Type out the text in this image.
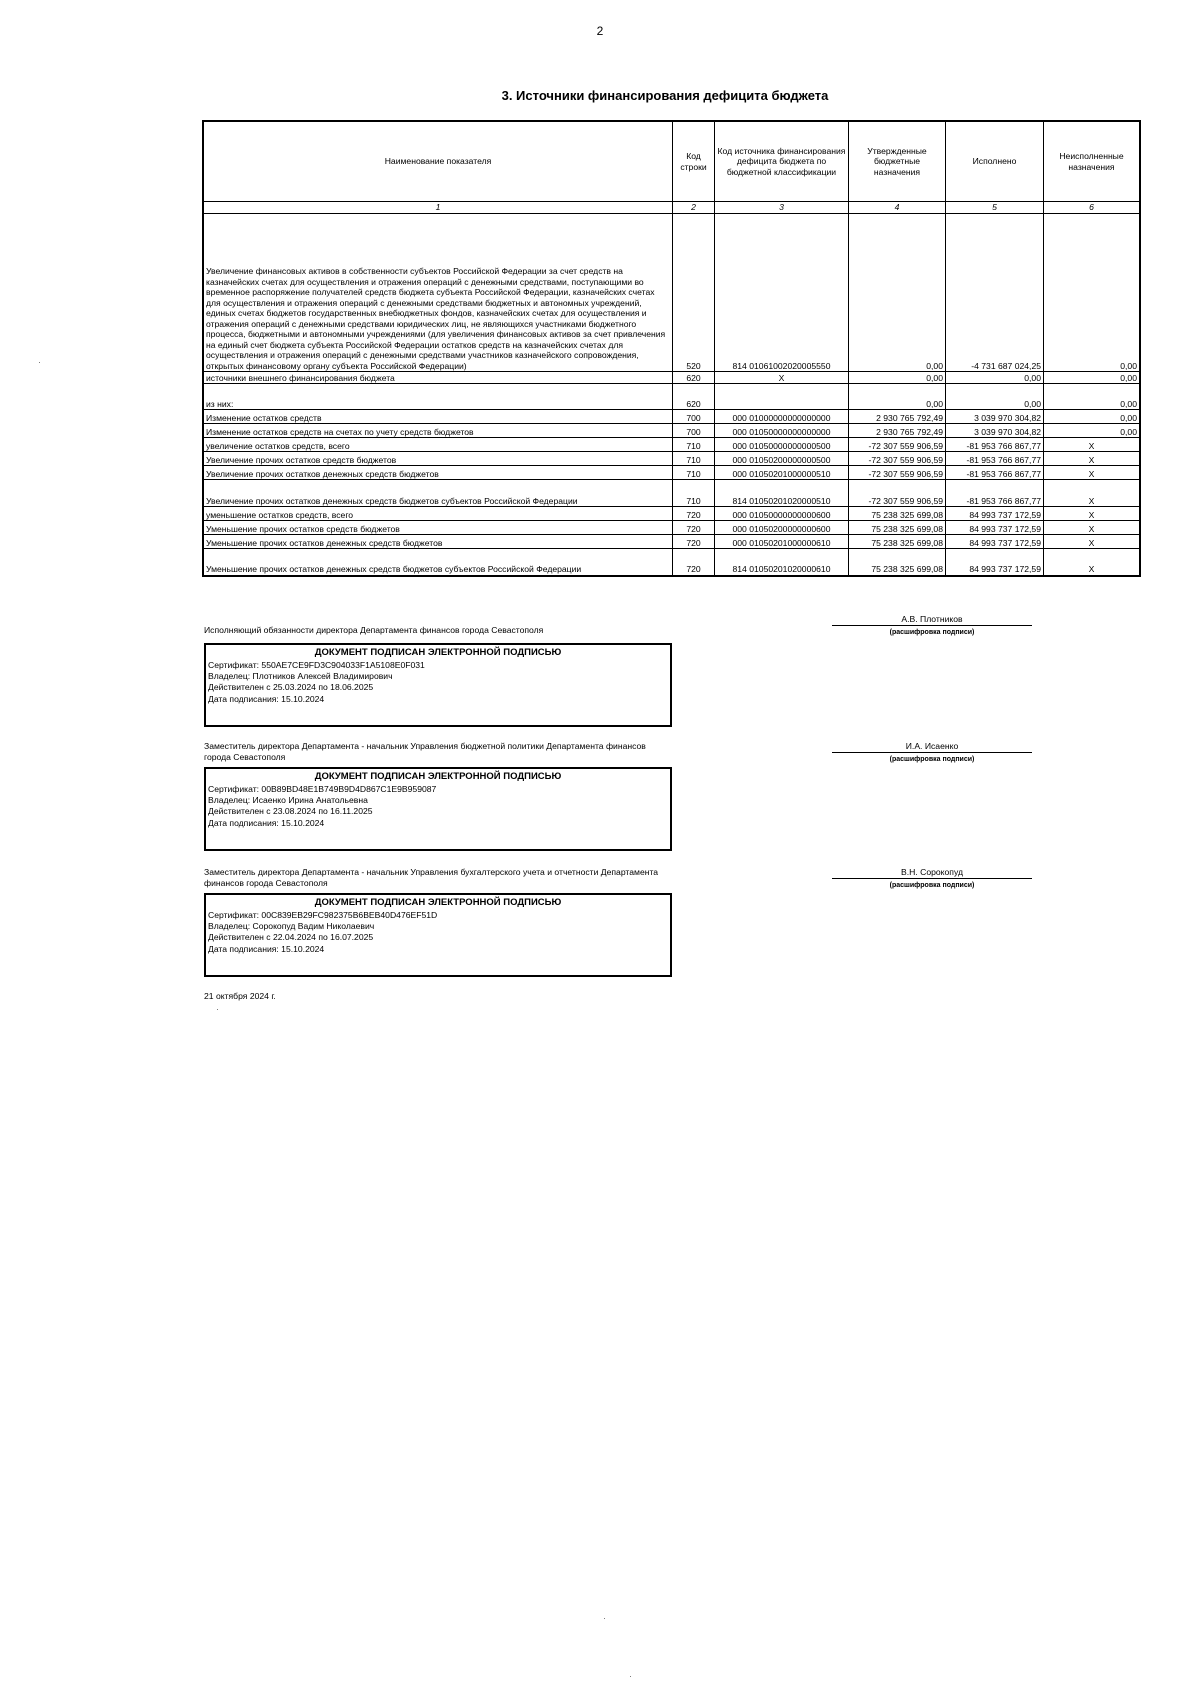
2
3. Источники финансирования дефицита бюджета
Наименование показателя	Код строки	Код источника финансирования дефицита бюджета по бюджетной классификации	Утвержденные бюджетные назначения	Исполнено	Неисполненные назначения
1	2	3	4	5	6
Увеличение финансовых активов в собственности субъектов Российской Федерации за счет средств на казначейских счетах для осуществления и отражения операций с денежными средствами, поступающими во временное распоряжение получателей средств бюджета субъекта Российской Федерации, казначейских счетах для осуществления и отражения операций с денежными средствами бюджетных и автономных учреждений, единых счетах бюджетов государственных внебюджетных фондов, казначейских счетах для осуществления и отражения операций с денежными средствами юридических лиц, не являющихся участниками бюджетного процесса, бюджетными и автономными учреждениями (для увеличения финансовых активов за счет привлечения на единый счет бюджета субъекта Российской Федерации остатков средств на казначейских счетах для осуществления и отражения операций с денежными средствами участников казначейского сопровождения, открытых финансовому органу субъекта Российской Федерации)	520	814 01061002020005550	0,00	-4 731 687 024,25	0,00
источники внешнего финансирования бюджета	620	X	0,00	0,00	0,00
из них:	620		0,00	0,00	0,00
Изменение остатков средств	700	000 01000000000000000	2 930 765 792,49	3 039 970 304,82	0,00
Изменение остатков средств на счетах по учету средств бюджетов	700	000 01050000000000000	2 930 765 792,49	3 039 970 304,82	0,00
увеличение остатков средств, всего	710	000 01050000000000500	-72 307 559 906,59	-81 953 766 867,77	X
Увеличение прочих остатков средств бюджетов	710	000 01050200000000500	-72 307 559 906,59	-81 953 766 867,77	X
Увеличение прочих остатков денежных средств бюджетов	710	000 01050201000000510	-72 307 559 906,59	-81 953 766 867,77	X
Увеличение прочих остатков денежных средств бюджетов субъектов Российской Федерации	710	814 01050201020000510	-72 307 559 906,59	-81 953 766 867,77	X
уменьшение остатков средств, всего	720	000 01050000000000600	75 238 325 699,08	84 993 737 172,59	X
Уменьшение прочих остатков средств бюджетов	720	000 01050200000000600	75 238 325 699,08	84 993 737 172,59	X
Уменьшение прочих остатков денежных средств бюджетов	720	000 01050201000000610	75 238 325 699,08	84 993 737 172,59	X
Уменьшение прочих остатков денежных средств бюджетов субъектов Российской Федерации	720	814 01050201020000610	75 238 325 699,08	84 993 737 172,59	X
Исполняющий обязанности директора Департамента финансов города Севастополя
А.В. Плотников
(расшифровка подписи)
ДОКУМЕНТ ПОДПИСАН ЭЛЕКТРОННОЙ ПОДПИСЬЮ
Сертификат: 550AE7CE9FD3C904033F1A5108E0F031
Владелец: Плотников Алексей Владимирович
Действителен с 25.03.2024 по 18.06.2025
Дата подписания: 15.10.2024
Заместитель директора Департамента - начальник Управления бюджетной политики Департамента финансов города Севастополя
И.А. Исаенко
(расшифровка подписи)
ДОКУМЕНТ ПОДПИСАН ЭЛЕКТРОННОЙ ПОДПИСЬЮ
Сертификат: 00B89BD48E1B749B9D4D867C1E9B959087
Владелец: Исаенко Ирина Анатольевна
Действителен с 23.08.2024 по 16.11.2025
Дата подписания: 15.10.2024
Заместитель директора Департамента - начальник Управления бухгалтерского учета и отчетности Департамента финансов города Севастополя
В.Н. Сорокопуд
(расшифровка подписи)
ДОКУМЕНТ ПОДПИСАН ЭЛЕКТРОННОЙ ПОДПИСЬЮ
Сертификат: 00C839EB29FC982375B6BEB40D476EF51D
Владелец: Сорокопуд Вадим Николаевич
Действителен с 22.04.2024 по 16.07.2025
Дата подписания: 15.10.2024
21 октября 2024 г.
·
·
·
·
